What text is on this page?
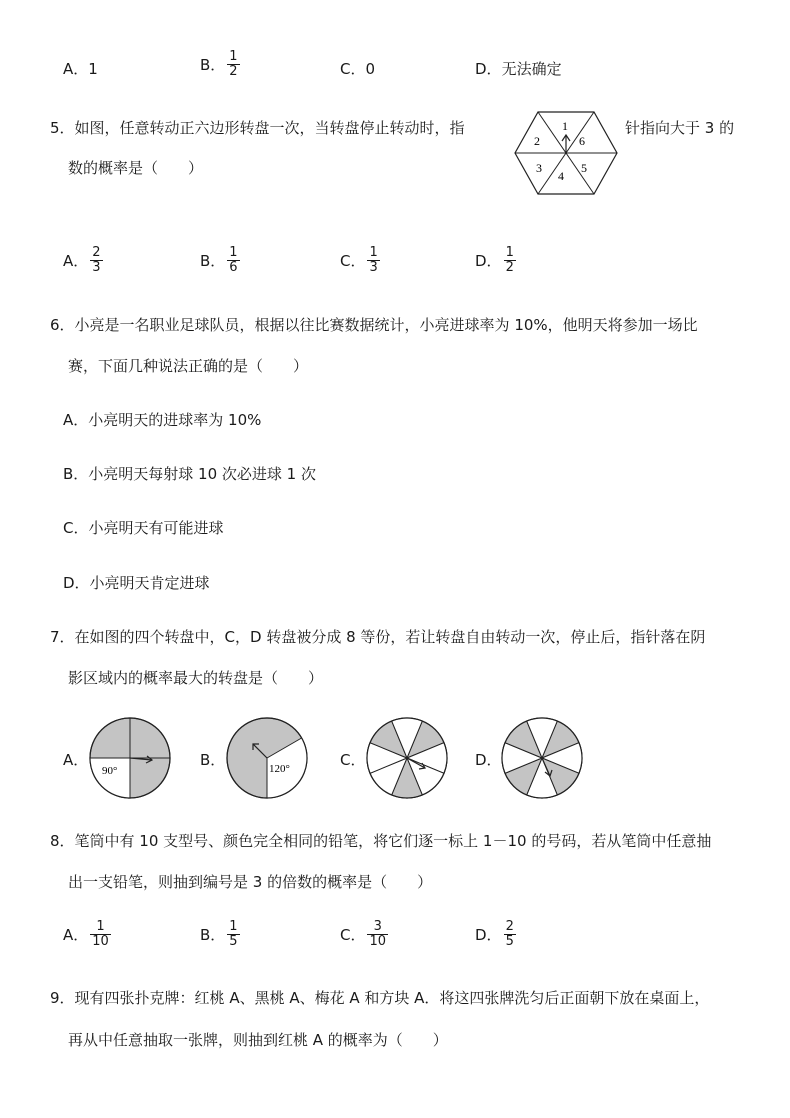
A． 1	B． $\frac{1}{2}$	C． 0	D． 无法确定
5．如图，任意转动正六边形转盘一次，当转盘停止转动时，指	针指向大于 3 的
数的概率是（　　）
1
6
5
4
3
2
A． $\frac{2}{3}$	B． $\frac{1}{6}$	C． $\frac{1}{3}$	D． $\frac{1}{2}$
6．小亮是一名职业足球队员，根据以往比赛数据统计，小亮进球率为 10%，他明天将参加一场比
赛，下面几种说法正确的是（　　）
A．小亮明天的进球率为 10%
B．小亮明天每射球 10 次必进球 1 次
C．小亮明天有可能进球
D．小亮明天肯定进球
7．在如图的四个转盘中，C，D 转盘被分成 8 等份，若让转盘自由转动一次，停止后，指针落在阴
影区域内的概率最大的转盘是（　　）
A．
90°
B．	120°	C．	D．
8．笔筒中有 10 支型号、颜色完全相同的铅笔，将它们逐一标上 1－10 的号码，若从笔筒中任意抽
出一支铅笔，则抽到编号是 3 的倍数的概率是（　　）
A． $\frac{1}{10}$	B． $\frac{1}{5}$	C． $\frac{3}{10}$	D． $\frac{2}{5}$
9．现有四张扑克牌：红桃 A、黑桃 A、梅花 A 和方块 A．将这四张牌洗匀后正面朝下放在桌面上，
再从中任意抽取一张牌，则抽到红桃 A 的概率为（　　）
